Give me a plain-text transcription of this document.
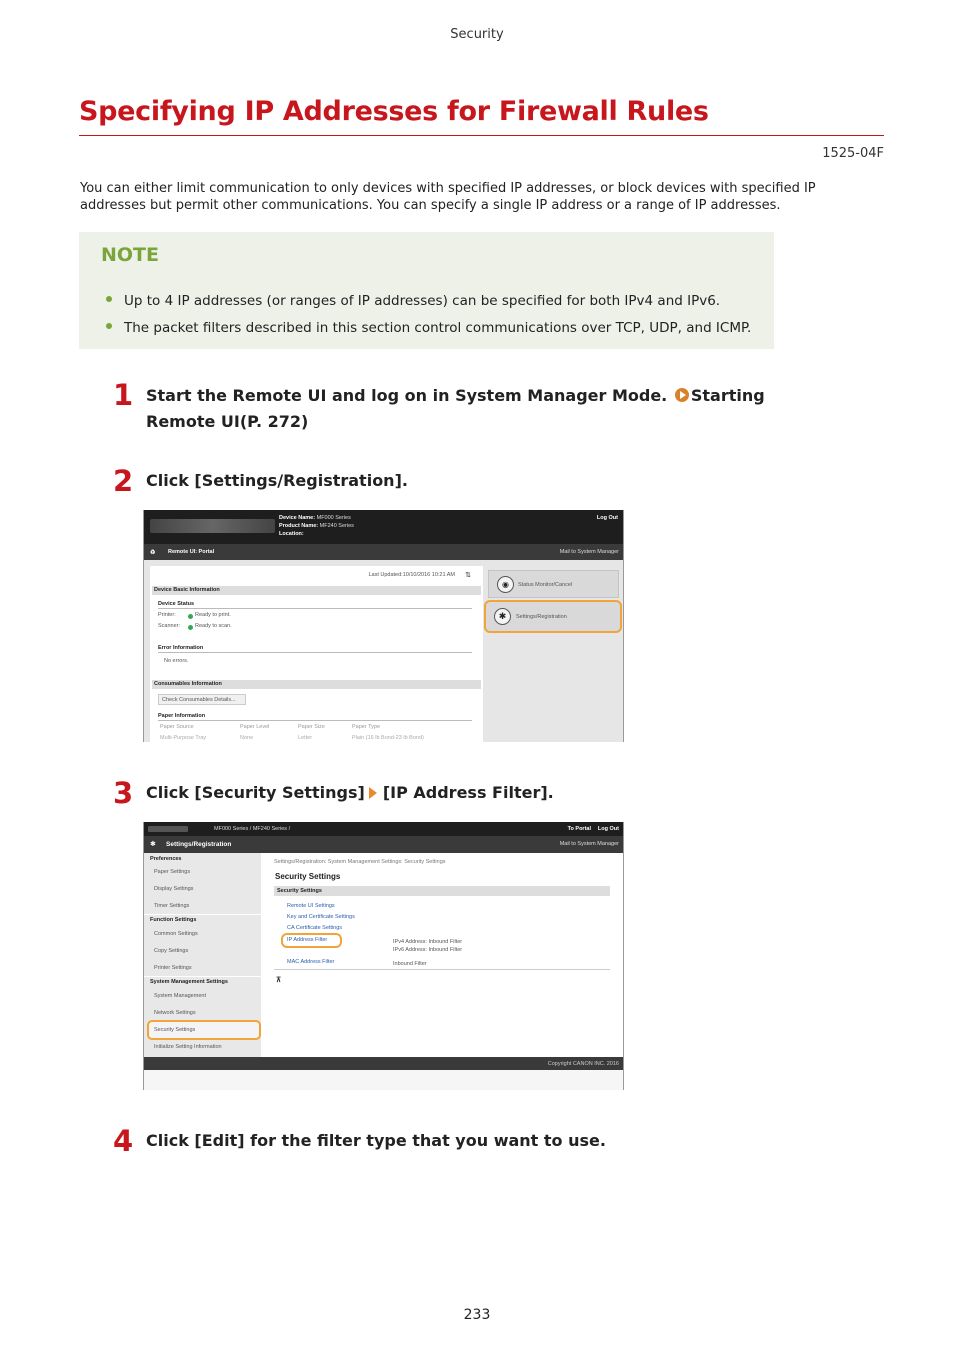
Security
Specifying IP Addresses for Firewall Rules
1525-04F

You can either limit communication to only devices with specified IP addresses, or block devices with specified IP addresses but permit other communications. You can specify a single IP address or a range of IP addresses.

NOTE
Up to 4 IP addresses (or ranges of IP addresses) can be specified for both IPv4 and IPv6.
The packet filters described in this section control communications over TCP, UDP, and ICMP.
1 Start the Remote UI and log on in System Manager Mode. Starting Remote UI(P. 272)
2 Click [Settings/Registration].
Device Name: MF000 Series
Product Name: MF240 Series
Location:
Log Out
♻ Remote UI: Portal	Mail to System Manager
Last Updated:10/10/2016 10:21 AM ⇅
Device Basic Information
Device Status
Printer:	Ready to print.
Scanner:	Ready to scan.
Error Information
No errors.
Consumables Information
Check Consumables Details...
Paper Information
Paper Source	Paper Level	Paper Size	Paper Type
Multi-Purpose Tray	None	Letter	Plain (16 lb Bond-23 lb Bond)
◉	Status Monitor/Cancel
✱	Settings/Registration
3 Click [Security Settings] [IP Address Filter].
MF000 Series / MF240 Series /	To Portal Log Out
✱ Settings/Registration	Mail to System Manager
Preferences
Paper Settings
Display Settings
Timer Settings
Function Settings
Common Settings
Copy Settings
Printer Settings
System Management Settings
System Management
Network Settings
Security Settings
Initialize Setting Information
Settings/Registration: System Management Settings: Security Settings
Security Settings
Security Settings
Remote UI Settings
Key and Certificate Settings
CA Certificate Settings
IP Address Filter	IPv4 Address: Inbound Filter
IPv6 Address: Inbound Filter
MAC Address Filter	Inbound Filter
⊼
Copyright CANON INC. 2016
4 Click [Edit] for the filter type that you want to use.
233
